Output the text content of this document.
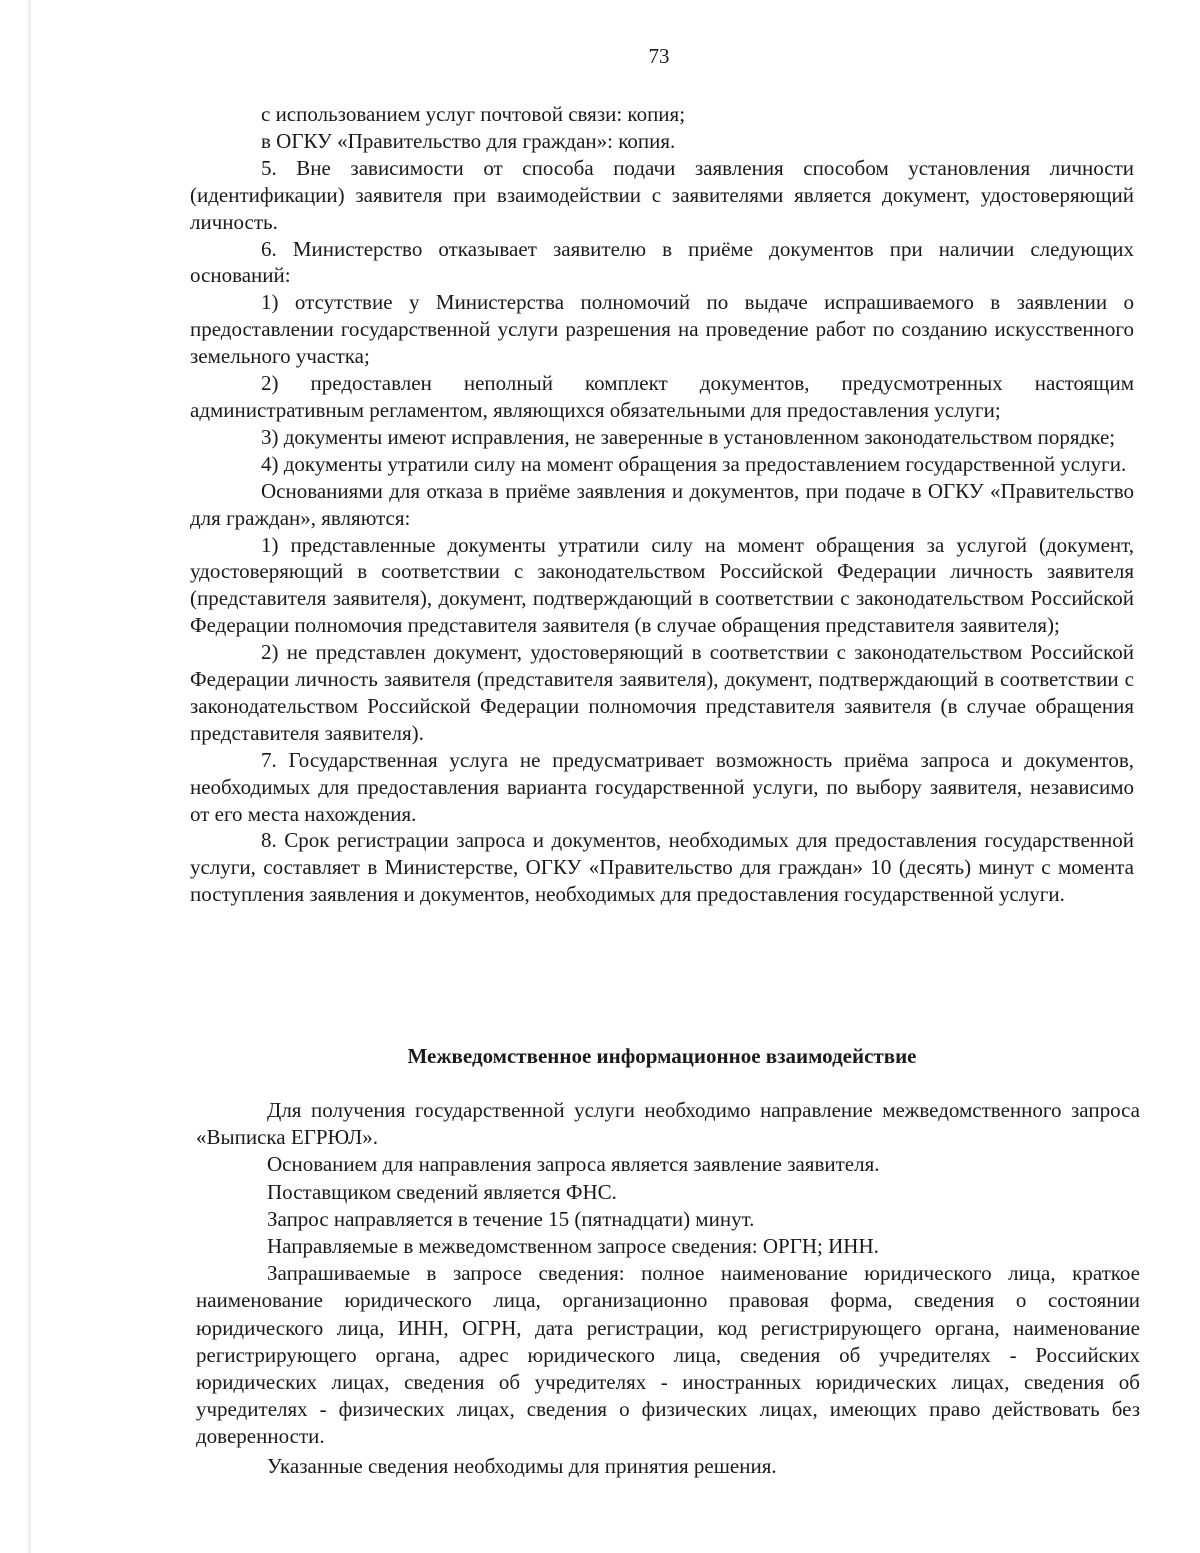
73

с использованием услуг почтовой связи: копия;

в ОГКУ «Правительство для граждан»: копия.

5. Вне зависимости от способа подачи заявления способом установления личности (идентификации) заявителя при взаимодействии с заявителями является документ, удостоверяющий личность.

6. Министерство отказывает заявителю в приёме документов при наличии следующих оснований:

1) отсутствие у Министерства полномочий по выдаче испрашиваемого в заявлении о предоставлении государственной услуги разрешения на проведение работ по созданию искусственного земельного участка;

2) предоставлен неполный комплект документов, предусмотренных настоящим административным регламентом, являющихся обязательными для предоставления услуги;

3) документы имеют исправления, не заверенные в установленном законодательством порядке;

4) документы утратили силу на момент обращения за предоставлением государственной услуги.

Основаниями для отказа в приёме заявления и документов, при подаче в ОГКУ «Правительство для граждан», являются:

1) представленные документы утратили силу на момент обращения за услугой (документ, удостоверяющий в соответствии с законодательством Российской Федерации личность заявителя (представителя заявителя), документ, подтверждающий в соответствии с законодательством Российской Федерации полномочия представителя заявителя (в случае обращения представителя заявителя);

2) не представлен документ, удостоверяющий в соответствии с законодательством Российской Федерации личность заявителя (представителя заявителя), документ, подтверждающий в соответствии с законодательством Российской Федерации полномочия представителя заявителя (в случае обращения представителя заявителя).

7. Государственная услуга не предусматривает возможность приёма запроса и документов, необходимых для предоставления варианта государственной услуги, по выбору заявителя, независимо от его места нахождения.

8. Срок регистрации запроса и документов, необходимых для предоставления государственной услуги, составляет в Министерстве, ОГКУ «Правительство для граждан» 10 (десять) минут с момента поступления заявления и документов, необходимых для предоставления государственной услуги.

Межведомственное информационное взаимодействие

Для получения государственной услуги необходимо направление межведомственного запроса «Выписка ЕГРЮЛ».

Основанием для направления запроса является заявление заявителя.

Поставщиком сведений является ФНС.

Запрос направляется в течение 15 (пятнадцати) минут.

Направляемые в межведомственном запросе сведения: ОРГН; ИНН.

Запрашиваемые в запросе сведения: полное наименование юридического лица, краткое наименование юридического лица, организационно правовая форма, сведения о состоянии юридического лица, ИНН, ОГРН, дата регистрации, код регистрирующего органа, наименование регистрирующего органа, адрес юридического лица, сведения об учредителях - Российских юридических лицах, сведения об учредителях - иностранных юридических лицах, сведения об учредителях - физических лицах, сведения о физических лицах, имеющих право действовать без доверенности.

Указанные сведения необходимы для принятия решения.
